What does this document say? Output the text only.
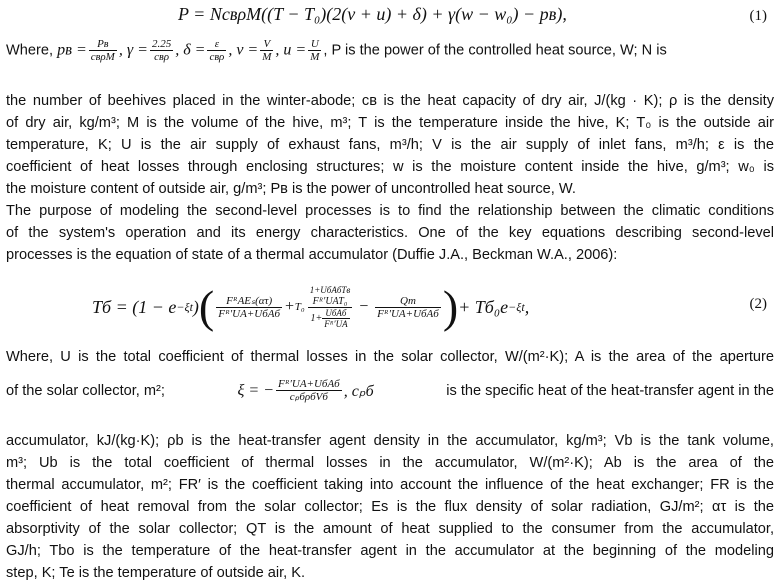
P = NcʙρM((T − T₀)(2(v + u) + δ) + γ(w − w₀) − pʙ),	(1)
Where, pʙ = $\frac{\text{Pʙ}}{\text{cʙρM}}$ , $\gamma = \frac{2.25}{\text{cʙρ}}$ , $\delta = \frac{\varepsilon}{\text{cʙρ}}$ , $v = \frac{V}{M}$ , $u = \frac{U}{M}$ , P is the power of the controlled heat source, W; N is
the number of beehives placed in the winter-abode; cʙ is the heat capacity of dry air, J/(kg · K); ρ is the density
of dry air, kg/m³; M is the volume of the hive, m³; T is the temperature inside the hive, K; T₀ is the outside air
temperature, K; U is the air supply of exhaust fans, m³/h; V is the air supply of inlet fans, m³/h; ε is the
coefficient of heat losses through enclosing structures; w is the moisture content inside the hive, g/m³; w₀ is
the moisture content of outside air, g/m³; Pʙ is the power of uncontrolled heat source, W.
The purpose of modeling the second-level processes is to find the relationship between the climatic conditions
of the system's operation and its energy characteristics. One of the key equations describing second-level
processes is the equation of state of a thermal accumulator (Duffie J.A., Beckman W.A., 2006):
Tб = (1 − e −ξt ) ( $\frac{\text{FᴿAEₛ(ατ)}}{\text{Fᴿ′UA+UбAб}} + T_0$
1+UбAбTв
Fᴿ′UAT₀
$1+ \frac{\text{UбAб}}{\text{Fᴿ′UA}}$
− $\frac{Qт}{\text{Fᴿ′UA+UбAб}}$ ) + Tб₀e −ξt ,	(2)
Where, U is the total coefficient of thermal losses in the solar collector, W/(m²·K); A is the area of the aperture
of the solar collector, m²;	ξ = − $\frac{\text{Fᴿ′UA+UбAб}}{\text{cₚбρбVб}}$ , cₚб	is the specific heat of the heat-transfer agent in the
accumulator, kJ/(kg·K); ρb is the heat-transfer agent density in the accumulator, kg/m³; Vb is the tank volume,
m³; Ub is the total coefficient of thermal losses in the accumulator, W/(m²·K); Ab is the area of the
thermal accumulator, m²; FR′ is the coefficient taking into account the influence of the heat exchanger; FR is the
coefficient of heat removal from the solar collector; Es is the flux density of solar radiation, GJ/m²; ατ is the
absorptivity of the solar collector; QT is the amount of heat supplied to the consumer from the accumulator,
GJ/h; Tbo is the temperature of the heat-transfer agent in the accumulator at the beginning of the modeling
step, K; Te is the temperature of outside air, K.
